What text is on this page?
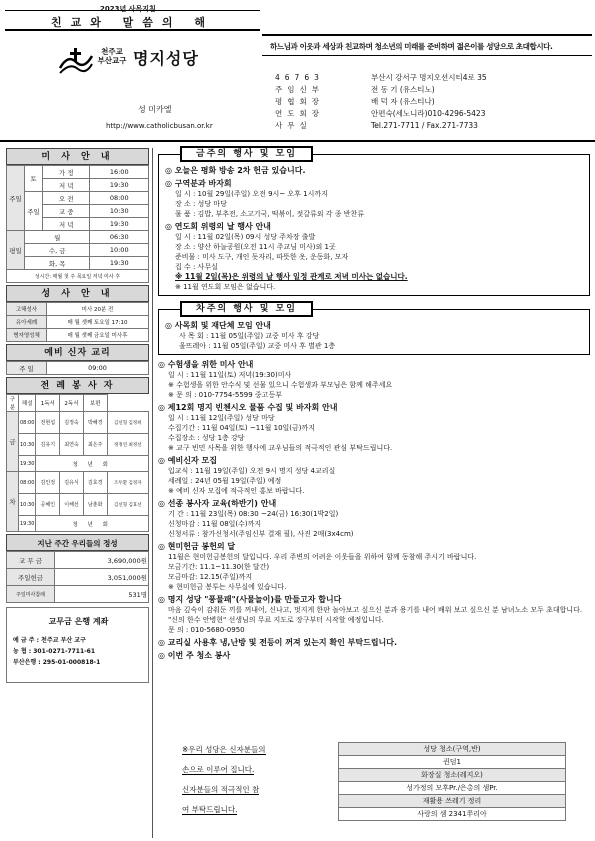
2023년 사목지침
친교와 말씀의 해
하느님과 이웃과 세상과 친교하며 청소년의 미래를 준비하며 젊은이를 성당으로 초대합시다.
천주교
부산교구 명지성당
성 미카엘
http://www.catholicbusan.or.kr
46763	부산시 강서구 명지오션시티4로 35
주임신부	전 동 기 (유스티노)
평협회장	배 덕 자 (유스티나)
연도회장	안편숙(세노니라)010-4296-5423
사무실	Tel.271-7711 / Fax.271-7733
미 사 안 내
주일	토	가 정	16:00
		저 녁	19:30
	주일	오 전	08:00
		교 중	10:30
		저 녁	19:30
평일	월		06:30
	수, 금		10:00
	화, 목		19:30
성시간: 매월 첫 주 목요일 저녁 미사 후			
성 사 안 내
고해성사	미사 20분 전
유아세례	매 월 셋째 토요일 17:10
병자영성체	매 월 셋째 금요일 미사후
예비 신자 교리
주 일	09:00
전 례 봉 사 자
구분	해설	1독서	2독서	보편	
금	08:00	전현섭	김정숙	박혜경	김선형 김정희
	10:30	김유기	최연숙	최은주	정정연 최정선
	19:30	청 년 회			
차	08:00	김인정	김유식	김효경	조두환 김정자
	10:30	공혜인	이해선	남춘화	김선형 김효선
	19:30	청 년 회			
지난 주간 우리들의 정성
교 무 금	3,690,000원
주일헌금	3,051,000원
주일미사참례	531명
교무금 은행 계좌
예 금 주 : 천주교 부산 교구
농 협 : 301-0271-7711-61
부산은행 : 295-01-000818-1
금주의 행사 및 모임
◎ 오늘은 평화 방송 2차 헌금 있습니다.
◎ 구역분과 바자회
일 시 : 10월 29일(주일) 오전 9시~ 오후 1시까지
장 소 : 성당 마당
물 품 : 김밥, 부추전, 소고기국, 떡볶이, 젓갈류외 각 종 반찬류
◎ 연도회 위령의 날 행사 안내
일 시 : 11월 02일(목) 09시 성당 주차장 출발
장 소 : 양산 하늘공원(오전 11시 주교님 미사)외 1곳
준비물 : 미사 도구, 개인 돗자리, 따뜻한 옷, 운동화, 모자
집 수 : 사무실
※ 11월 2일(목)은 위령의 날 행사 일정 관계로 저녁 미사는 없습니다.
※ 11월 연도회 모임은 없습니다.
차주의 행사 및 모임
◎ 사목회 및 재단체 모임 안내
사 목 회 : 11월 05일(주일) 교중 미사 후 강당
울뜨레아 : 11월 05일(주일) 교중 미사 후 별관 1층
◎ 수험생을 위한 미사 안내
일 시 : 11월 11일(토) 저녁(19:30)미사
※ 수험생을 위한 안수식 및 선물 있으니 수험생과 부모님은 함께 해주세요
※ 문 의 : 010-7754-5599 중고등부
◎ 제12회 명지 빈첸시오 물품 수집 및 바자회 안내
일 시 : 11월 12일(주일) 성당 마당
수집기간 : 11월 04일(토) ~11월 10일(금)까지
수집장소 : 성당 1층 강당
※ 교구 빈민 사목을 위한 행사에 교우님들의 적극적인 관심 부탁드립니다.
◎ 예비신자 모집
입교식 : 11월 19일(주일) 오전 9시 명지 성당 4교리실
세례일 : 24년 05월 19일(주일) 예정
※ 예비 신자 모집에 적극적인 홍보 바랍니다.
◎ 선종 봉사자 교육(하반기) 안내
기 간 : 11월 23일(목) 08:30 ~24(금) 16:30(1박2일)
신청마감 : 11월 08일(수)까지
신청서류 : 참가신청서(주임신부 결재 필), 사진 2매(3x4cm)
◎ 현미헌금 봉헌의 달
11월은 현미헌금봉헌의 달입니다. 우리 주변의 어려운 이웃들을 위하여 함께 동참해 주시기 바랍니다.
모금기간: 11.1~11.30(한 달간)
모금마감: 12.15(주일)까지
※ 현미헌금 봉투는 사무실에 있습니다.
◎ 명지 성당 "풍물패"(사물놀이)를 만들고자 합니다
마음 깊숙이 감춰둔 끼를 꺼내어, 신나고, 멋지게 한판 놀아보고 싶으신 분과 용기를 내어 배워 보고 싶으신 분 남녀노소 모두 초대합니다. "신의 한수 안병현" 선생님의 무료 지도로 장구부터 시작할 예정입니다.
문 의 : 010-5680-0950
◎ 교리실 사용후 냉,난방 및 전등이 꺼져 있는지 확인 부탁드립니다.
◎ 이번 주 청소 봉사
※우리 성당은 신자분들의
손으로 이루어 집니다.
신자분들의 적극적인 참
여 부탁드립니다.
성당 청소(구역,반)
퀸덤1
화장실 청소(레지오)
성가정의 모후Pr./은총의 샘Pr.
재활용 쓰레기 정리
사랑의 샘 2341쭈리아
